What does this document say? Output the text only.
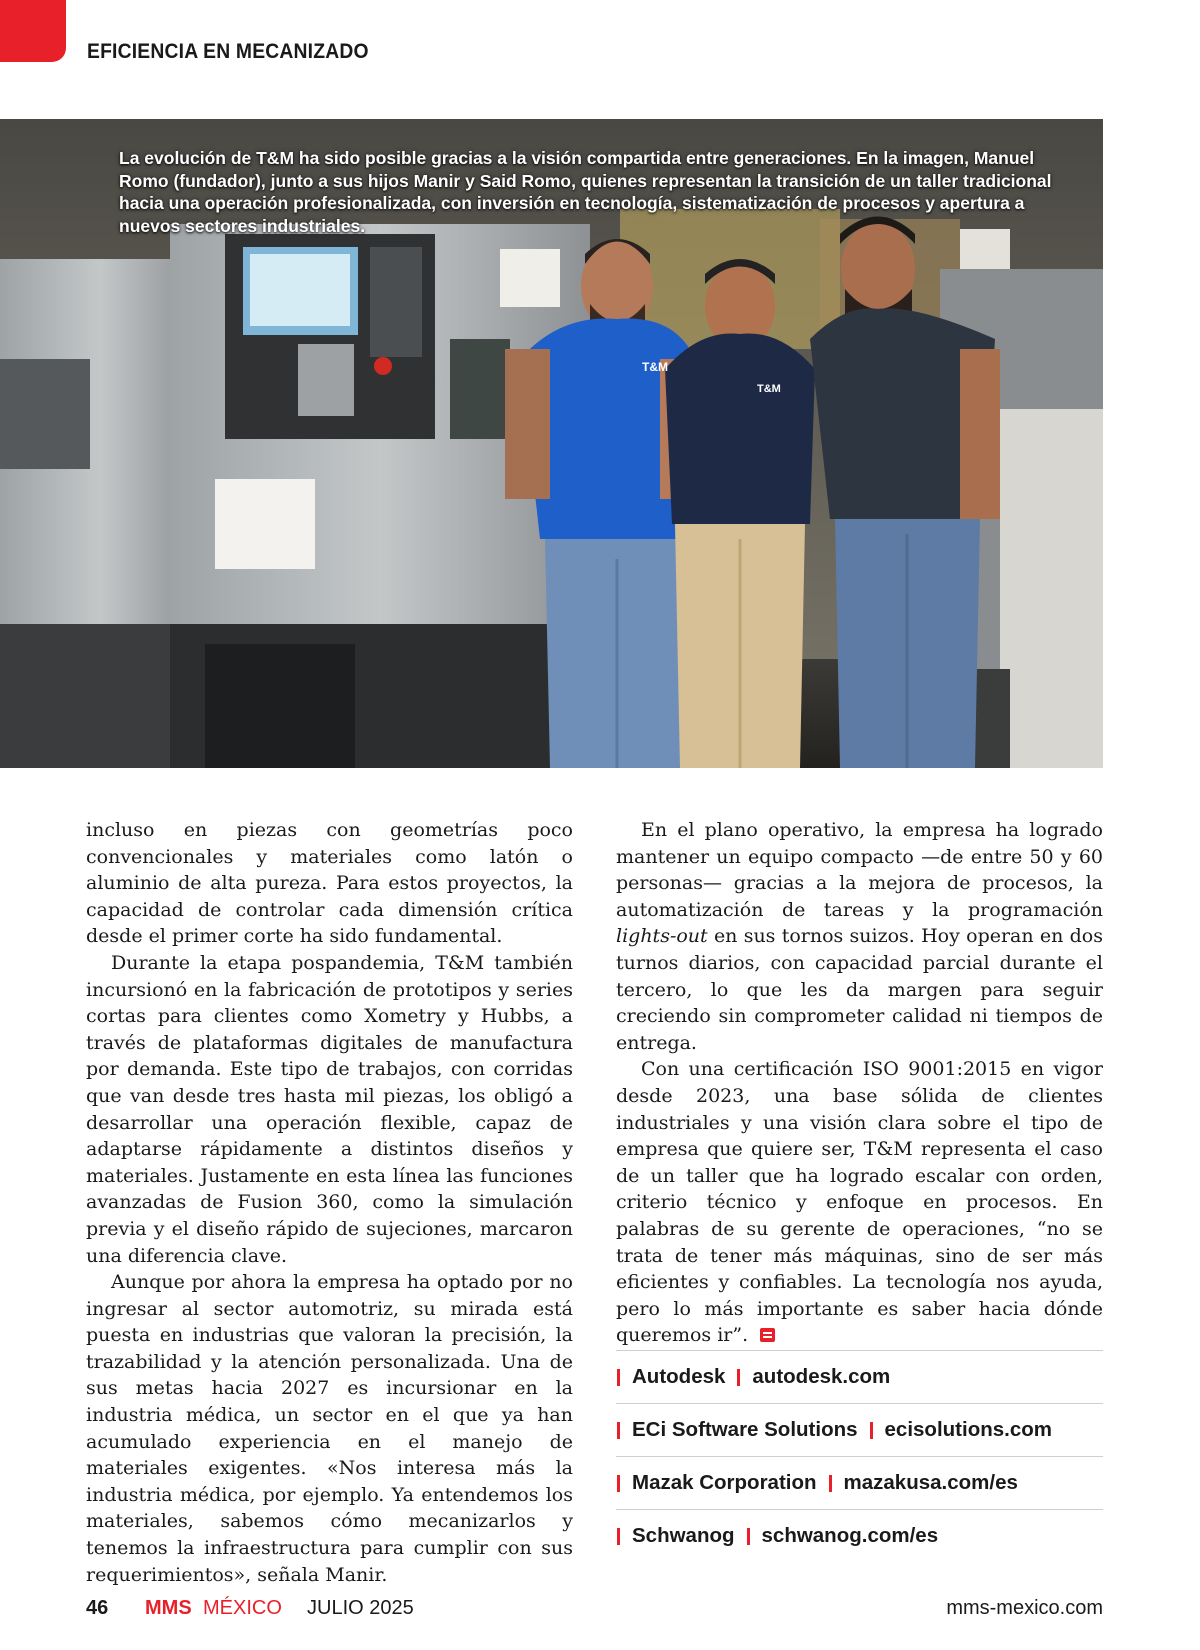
EFICIENCIA EN MECANIZADO
T&M
T&M

La evolución de T&M ha sido posible gracias a la visión compartida entre generaciones. En la imagen, Manuel Romo (fundador), junto a sus hijos Manir y Said Romo, quienes representan la transición de un taller tradicional hacia una operación profesionalizada, con inversión en tecnología, sistematización de procesos y apertura a nuevos sectores industriales.

incluso en piezas con geometrías poco convencionales y materiales como latón o aluminio de alta pureza. Para estos proyectos, la capacidad de controlar cada dimensión crítica desde el primer corte ha sido fundamental.

Durante la etapa pospandemia, T&M también incursionó en la fabricación de prototipos y series cortas para clientes como Xometry y Hubbs, a través de plataformas digitales de manufactura por demanda. Este tipo de trabajos, con corridas que van desde tres hasta mil piezas, los obligó a desarrollar una operación flexible, capaz de adaptarse rápidamente a distintos diseños y materiales. Justamente en esta línea las funciones avanzadas de Fusion 360, como la simulación previa y el diseño rápido de sujeciones, marcaron una diferencia clave.

Aunque por ahora la empresa ha optado por no ingresar al sector automotriz, su mirada está puesta en industrias que valoran la precisión, la trazabilidad y la atención personalizada. Una de sus metas hacia 2027 es incursionar en la industria médica, un sector en el que ya han acumulado experiencia en el manejo de materiales exigentes. «Nos interesa más la industria médica, por ejemplo. Ya entendemos los materiales, sabemos cómo mecanizarlos y tenemos la infraestructura para cumplir con sus requerimientos», señala Manir.

En el plano operativo, la empresa ha logrado mantener un equipo compacto —de entre 50 y 60 personas— gracias a la mejora de procesos, la automatización de tareas y la programación lights-out en sus tornos suizos. Hoy operan en dos turnos diarios, con capacidad parcial durante el tercero, lo que les da margen para seguir creciendo sin comprometer calidad ni tiempos de entrega.

Con una certificación ISO 9001:2015 en vigor desde 2023, una base sólida de clientes industriales y una visión clara sobre el tipo de empresa que quiere ser, T&M representa el caso de un taller que ha logrado escalar con orden, criterio técnico y enfoque en procesos. En palabras de su gerente de operaciones, “no se trata de tener más máquinas, sino de ser más eficientes y confiables. La tecnología nos ayuda, pero lo más importante es saber hacia dónde queremos ir”.

Autodesk autodesk.com
ECi Software Solutions ecisolutions.com
Mazak Corporation mazakusa.com/es
Schwanog schwanog.com/es
46 MMS MÉXICO JULIO 2025	mms-mexico.com
